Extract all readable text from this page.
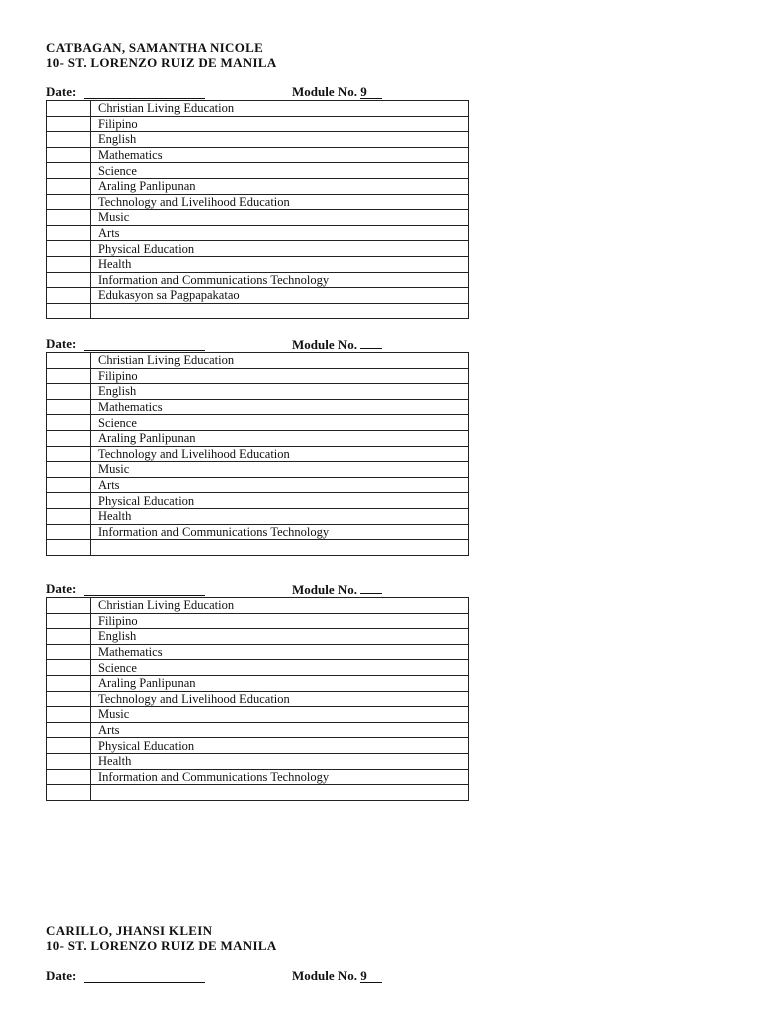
CATBAGAN, SAMANTHA NICOLE
10- ST. LORENZO RUIZ DE MANILA
Date:	Module No. 9
	Christian Living Education
	Filipino
	English
	Mathematics
	Science
	Araling Panlipunan
	Technology and Livelihood Education
	Music
	Arts
	Physical Education
	Health
	Information and Communications Technology
	Edukasyon sa Pagpapakatao

Date:	Module No.
	Christian Living Education
	Filipino
	English
	Mathematics
	Science
	Araling Panlipunan
	Technology and Livelihood Education
	Music
	Arts
	Physical Education
	Health
	Information and Communications Technology

Date:	Module No.
	Christian Living Education
	Filipino
	English
	Mathematics
	Science
	Araling Panlipunan
	Technology and Livelihood Education
	Music
	Arts
	Physical Education
	Health
	Information and Communications Technology

CARILLO, JHANSI KLEIN
10- ST. LORENZO RUIZ DE MANILA
Date:	Module No. 9
